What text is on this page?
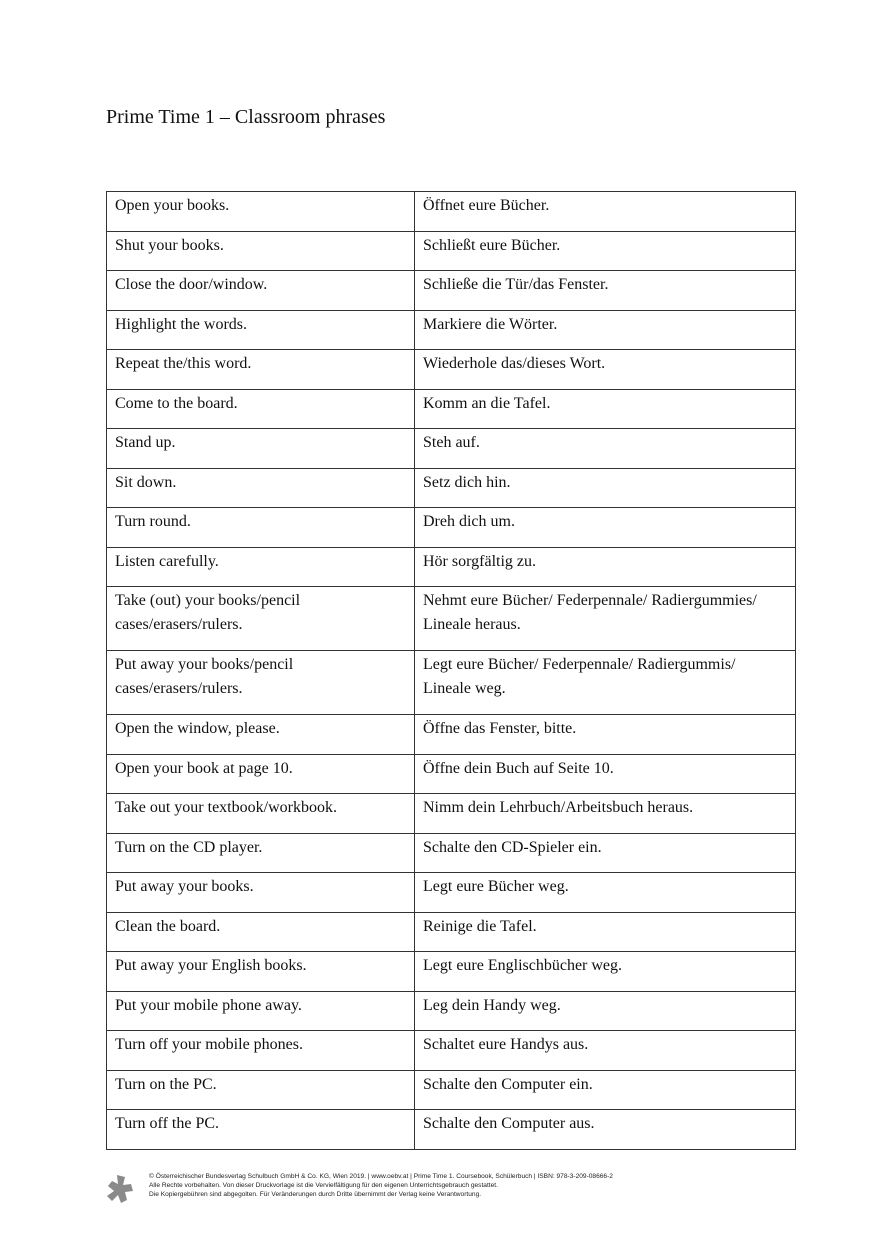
Prime Time 1 – Classroom phrases
Open your books.	Öffnet eure Bücher.
Shut your books.	Schließt eure Bücher.
Close the door/window.	Schließe die Tür/das Fenster.
Highlight the words.	Markiere die Wörter.
Repeat the/this word.	Wiederhole das/dieses Wort.
Come to the board.	Komm an die Tafel.
Stand up.	Steh auf.
Sit down.	Setz dich hin.
Turn round.	Dreh dich um.
Listen carefully.	Hör sorgfältig zu.
Take (out) your books/pencil cases/erasers/rulers.	Nehmt eure Bücher/ Federpennale/ Radiergummies/ Lineale heraus.
Put away your books/pencil cases/erasers/rulers.	Legt eure Bücher/ Federpennale/ Radiergummis/ Lineale weg.
Open the window, please.	Öffne das Fenster, bitte.
Open your book at page 10.	Öffne dein Buch auf Seite 10.
Take out your textbook/workbook.	Nimm dein Lehrbuch/Arbeitsbuch heraus.
Turn on the CD player.	Schalte den CD-Spieler ein.
Put away your books.	Legt eure Bücher weg.
Clean the board.	Reinige die Tafel.
Put away your English books.	Legt eure Englischbücher weg.
Put your mobile phone away.	Leg dein Handy weg.
Turn off your mobile phones.	Schaltet eure Handys aus.
Turn on the PC.	Schalte den Computer ein.
Turn off the PC.	Schalte den Computer aus.
© Österreichischer Bundesverlag Schulbuch GmbH & Co. KG, Wien 2019. | www.oebv.at | Prime Time 1. Coursebook, Schülerbuch | ISBN: 978-3-209-08666-2
Alle Rechte vorbehalten. Von dieser Druckvorlage ist die Vervielfältigung für den eigenen Unterrichtsgebrauch gestattet.
Die Kopiergebühren sind abgegolten. Für Veränderungen durch Dritte übernimmt der Verlag keine Verantwortung.
